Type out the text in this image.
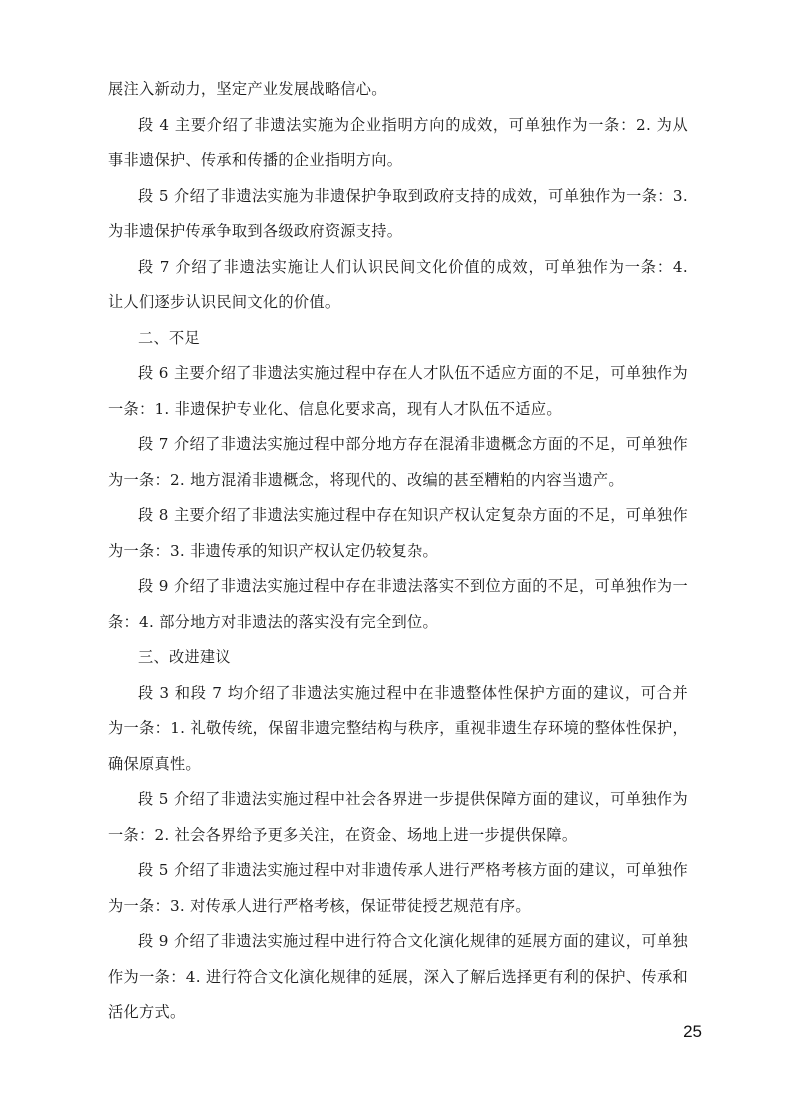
展注入新动力，坚定产业发展战略信心。

段 4 主要介绍了非遗法实施为企业指明方向的成效，可单独作为一条：2. 为从事非遗保护、传承和传播的企业指明方向。

段 5 介绍了非遗法实施为非遗保护争取到政府支持的成效，可单独作为一条：3. 为非遗保护传承争取到各级政府资源支持。

段 7 介绍了非遗法实施让人们认识民间文化价值的成效，可单独作为一条：4. 让人们逐步认识民间文化的价值。

二、不足

段 6 主要介绍了非遗法实施过程中存在人才队伍不适应方面的不足，可单独作为一条：1. 非遗保护专业化、信息化要求高，现有人才队伍不适应。

段 7 介绍了非遗法实施过程中部分地方存在混淆非遗概念方面的不足，可单独作为一条：2. 地方混淆非遗概念，将现代的、改编的甚至糟粕的内容当遗产。

段 8 主要介绍了非遗法实施过程中存在知识产权认定复杂方面的不足，可单独作为一条：3. 非遗传承的知识产权认定仍较复杂。

段 9 介绍了非遗法实施过程中存在非遗法落实不到位方面的不足，可单独作为一条：4. 部分地方对非遗法的落实没有完全到位。

三、改进建议

段 3 和段 7 均介绍了非遗法实施过程中在非遗整体性保护方面的建议，可合并为一条：1. 礼敬传统，保留非遗完整结构与秩序，重视非遗生存环境的整体性保护，确保原真性。

段 5 介绍了非遗法实施过程中社会各界进一步提供保障方面的建议，可单独作为一条：2. 社会各界给予更多关注，在资金、场地上进一步提供保障。

段 5 介绍了非遗法实施过程中对非遗传承人进行严格考核方面的建议，可单独作为一条：3. 对传承人进行严格考核，保证带徒授艺规范有序。

段 9 介绍了非遗法实施过程中进行符合文化演化规律的延展方面的建议，可单独作为一条：4. 进行符合文化演化规律的延展，深入了解后选择更有利的保护、传承和活化方式。

25
